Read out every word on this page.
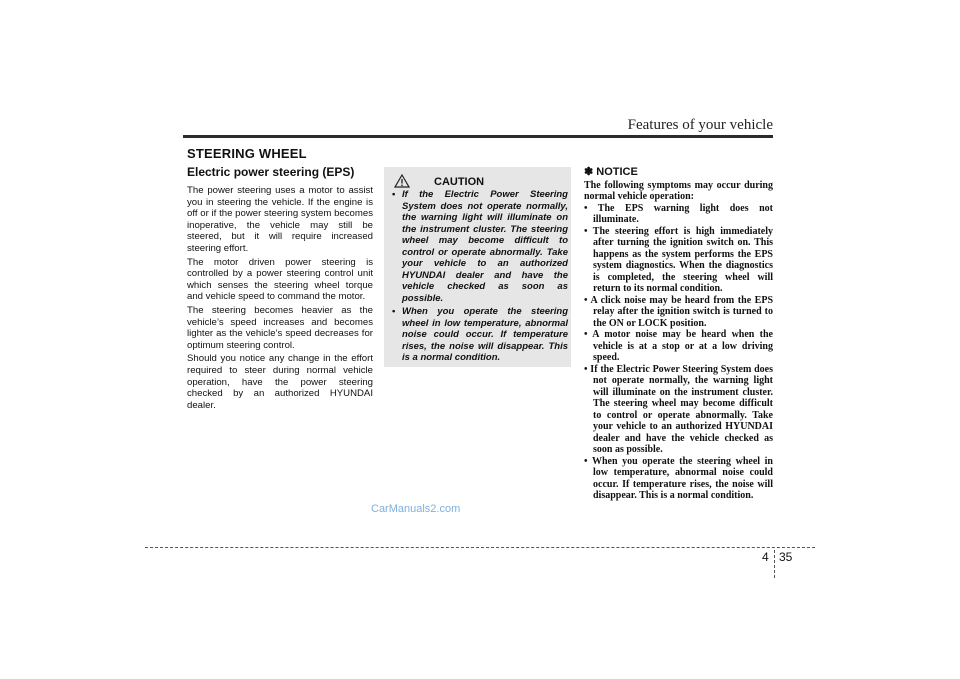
Features of your vehicle
STEERING WHEEL
Electric power steering (EPS)

The power steering uses a motor to assist you in steering the vehicle. If the engine is off or if the power steering system becomes inoperative, the vehicle may still be steered, but it will require increased steering effort.

The motor driven power steering is controlled by a power steering control unit which senses the steering wheel torque and vehicle speed to command the motor.

The steering becomes heavier as the vehicle’s speed increases and becomes lighter as the vehicle’s speed decreases for optimum steering control.

Should you notice any change in the effort required to steer during normal vehicle operation, have the power steering checked by an authorized HYUNDAI dealer.

CAUTION
• If the Electric Power Steering System does not operate normally, the warning light will illuminate on the instrument cluster. The steering wheel may become difficult to control or operate abnormally. Take your vehicle to an authorized HYUNDAI dealer and have the vehicle checked as soon as possible.
• When you operate the steering wheel in low temperature, abnormal noise could occur. If temperature rises, the noise will disappear. This is a normal condition.
✽ NOTICE
The following symptoms may occur during normal vehicle operation:
• The EPS warning light does not illuminate.
• The steering effort is high immediately after turning the ignition switch on. This happens as the system performs the EPS system diagnostics. When the diagnostics is completed, the steering wheel will return to its normal condition.
• A click noise may be heard from the EPS relay after the ignition switch is turned to the ON or LOCK position.
• A motor noise may be heard when the vehicle is at a stop or at a low driving speed.
• If the Electric Power Steering System does not operate normally, the warning light will illuminate on the instrument cluster. The steering wheel may become difficult to control or operate abnormally. Take your vehicle to an authorized HYUNDAI dealer and have the vehicle checked as soon as possible.
• When you operate the steering wheel in low temperature, abnormal noise could occur. If temperature rises, the noise will disappear. This is a normal condition.
CarManuals2.com
4 35
